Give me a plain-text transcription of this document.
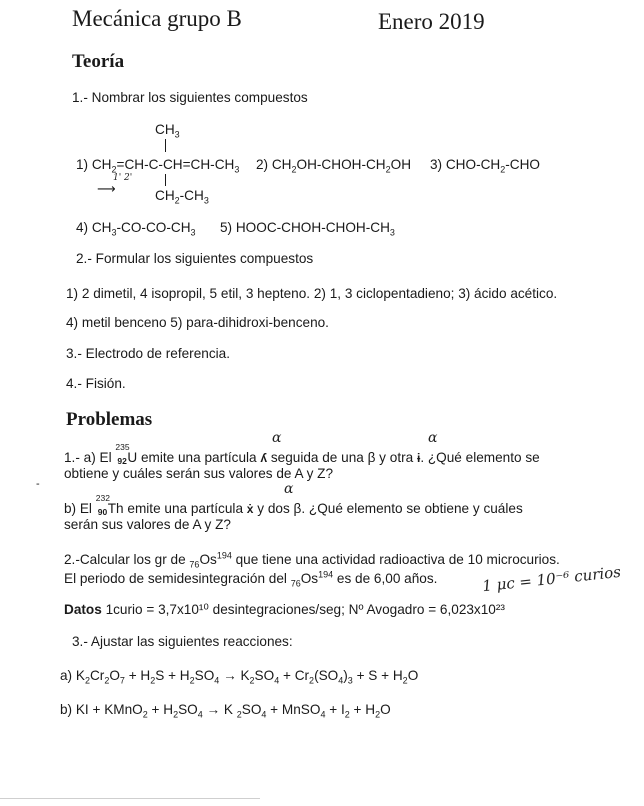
Mecánica grupo B	Enero 2019
Teoría
1.- Nombrar los siguientes compuestos
$CH_3$
1) $CH_2=CH-C-CH=CH-CH_3$
1' 2'
⟶	$CH_2-CH_3$
2) $CH_2OH-CHOH-CH_2OH$ 3) CHO-$CH_2$-CHO
4) $CH_3-CO-CO-CH_3$ 5) HOOC-$CHOH-CHOH-CH_3$
2.- Formular los siguientes compuestos
1) 2 dimetil, 4 isopropil, 5 etil, 3 hepteno. 2) 1, 3 ciclopentadieno; 3) ácido acético.
4) metil benceno 5) para-dihidroxi-benceno.
3.- Electrodo de referencia.
4.- Fisión.
Problemas
α	α
1.- a) El
235
92 U emite una partícula ʎ seguida de una β y otra ɨ. ¿Qué elemento se
obtiene y cuáles serán sus valores de A y Z?
-	α
b) El
232
90 Th emite una partícula ẋ y dos β. ¿Qué elemento se obtiene y cuáles
serán sus valores de A y Z?
2.-Calcular los gr de $_{76}Os^{194}$ que tiene una actividad radioactiva de 10 microcurios.
El periodo de semidesintegración del $_{76}Os^{194}$ es de 6,00 años.	1 μc = 10⁻⁶ curios
Datos 1curio = 3,7x10¹⁰ desintegraciones/seg; Nº Avogadro = 6,023x10²³
3.- Ajustar las siguientes reacciones:
a) $K_2Cr_2O_7 + H_2S + H_2SO_4 \to K_2SO_4 + Cr_2(SO_4)_3 + S + H_2O$
b) KI + KMnO$_2$ + $H_2SO_4 \to K$ $_2SO_4$ + MnSO$_4$ + $I_2 + H_2O$
